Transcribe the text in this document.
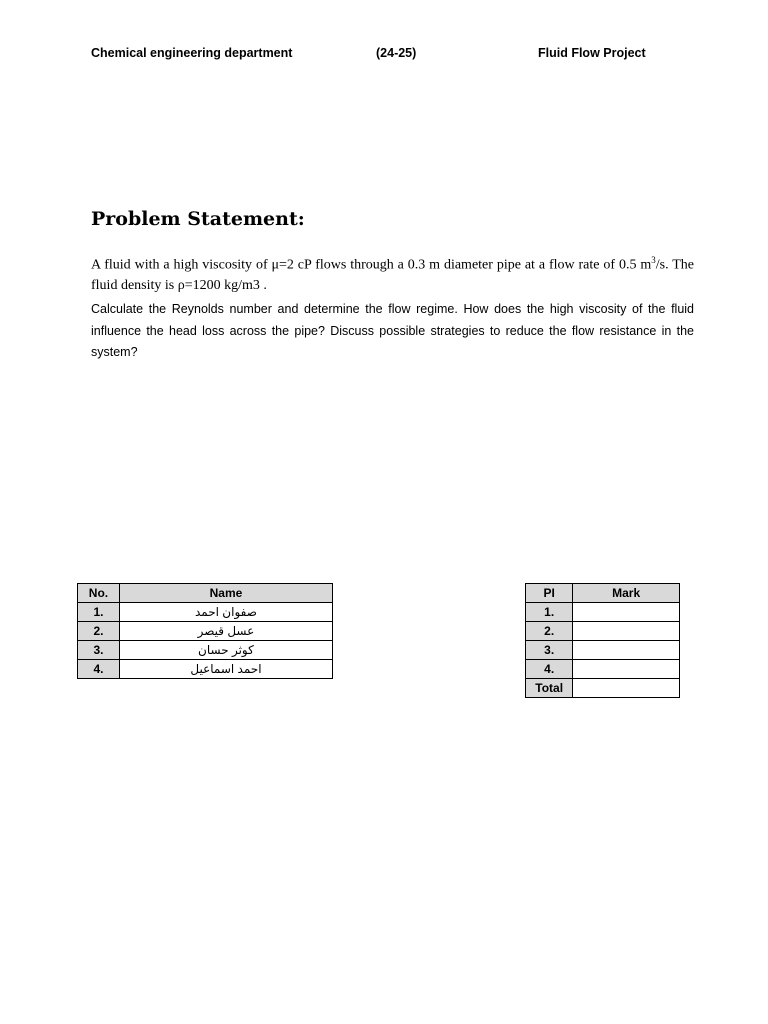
Chemical engineering department	(24-25)	Fluid Flow Project
Problem Statement:

A fluid with a high viscosity of μ=2 cP flows through a 0.3 m diameter pipe at a flow rate of 0.5 $m^3/s$. The fluid density is ρ=1200 kg/m3 .

Calculate the Reynolds number and determine the flow regime. How does the high viscosity of the fluid influence the head loss across the pipe? Discuss possible strategies to reduce the flow resistance in the system?

No.	Name
1.	صفوان احمد
2.	عسل قيصر
3.	كوثر حسان
4.	احمد اسماعيل
PI	Mark
1.	
2.	
3.	
4.	
Total	
